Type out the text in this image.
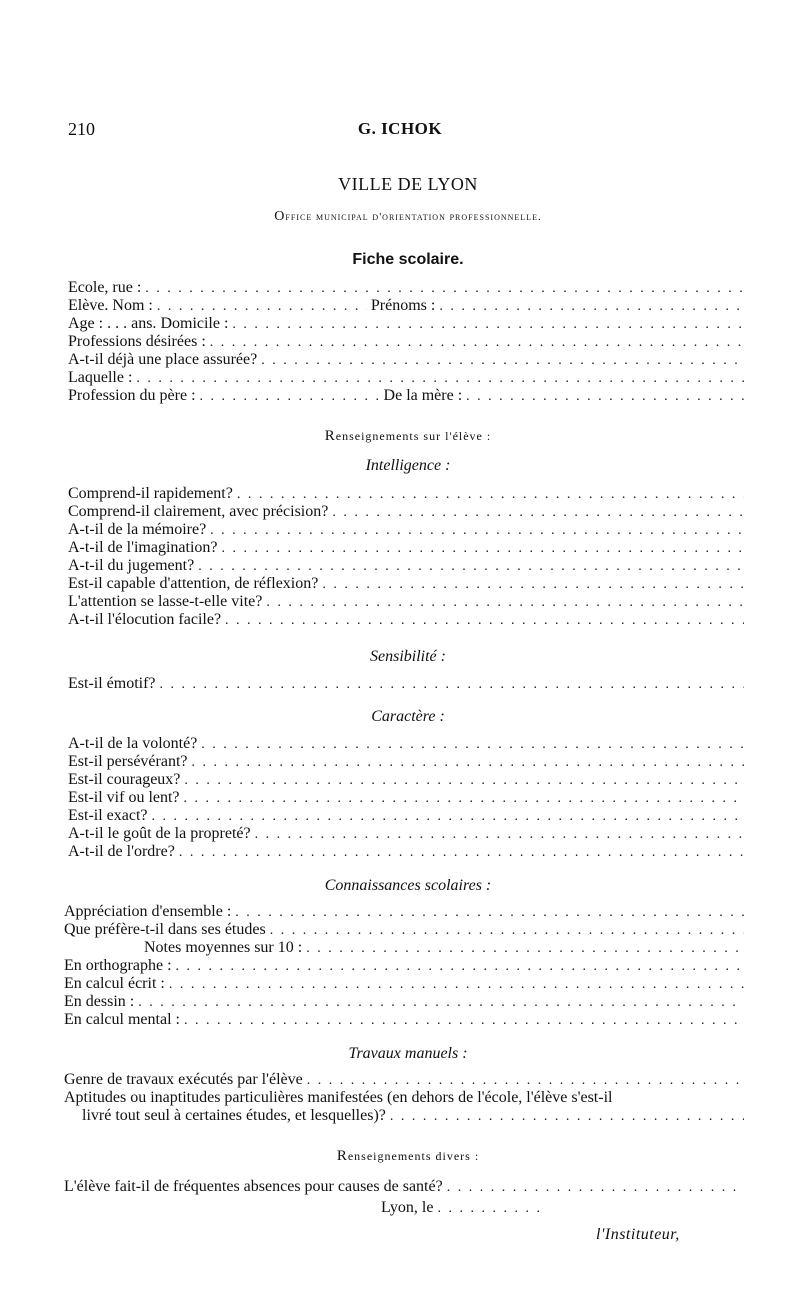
210	G. ICHOK
VILLE DE LYON
Office municipal d'orientation professionnelle.
Fiche scolaire.
Ecole, rue :
. . .
Elève. Nom : . . .	Prénoms :
. . .
Age : . . . ans. Domicile :
. . .
Professions désirées :
. . .
A-t-il déjà une place assurée?
. . .
Laquelle :
. . .
Profession du père : . . .	De la mère :
. . .
Renseignements sur l'élève :
Intelligence :
Comprend-il rapidement?
. . .
Comprend-il clairement, avec précision?
. . .
A-t-il de la mémoire?
. . .
A-t-il de l'imagination?
. . .
A-t-il du jugement?
. . .
Est-il capable d'attention, de réflexion?
. . .
L'attention se lasse-t-elle vite?
. . .
A-t-il l'élocution facile?
. . .
Sensibilité :
Est-il émotif?
. . .
Caractère :
A-t-il de la volonté?
. . .
Est-il persévérant?
. . .
Est-il courageux?
. . .
Est-il vif ou lent?
. . .
Est-il exact?
. . .
A-t-il le goût de la propreté?
. . .
A-t-il de l'ordre?
. . .
Connaissances scolaires :
Appréciation d'ensemble :
. . .
Que préfère-t-il dans ses études
. . .
Notes moyennes sur 10 :
. . .
En orthographe :
. . .
En calcul écrit :
. . .
En dessin :
. . .
En calcul mental :
. . .
Travaux manuels :
Genre de travaux exécutés par l'élève
. . .
Aptitudes ou inaptitudes particulières manifestées (en dehors de l'école, l'élève s'est-il
livré tout seul à certaines études, et lesquelles)?
. . .
Renseignements divers :
L'élève fait-il de fréquentes absences pour causes de santé?
. . .
Lyon, le
. . .
l'Instituteur,
